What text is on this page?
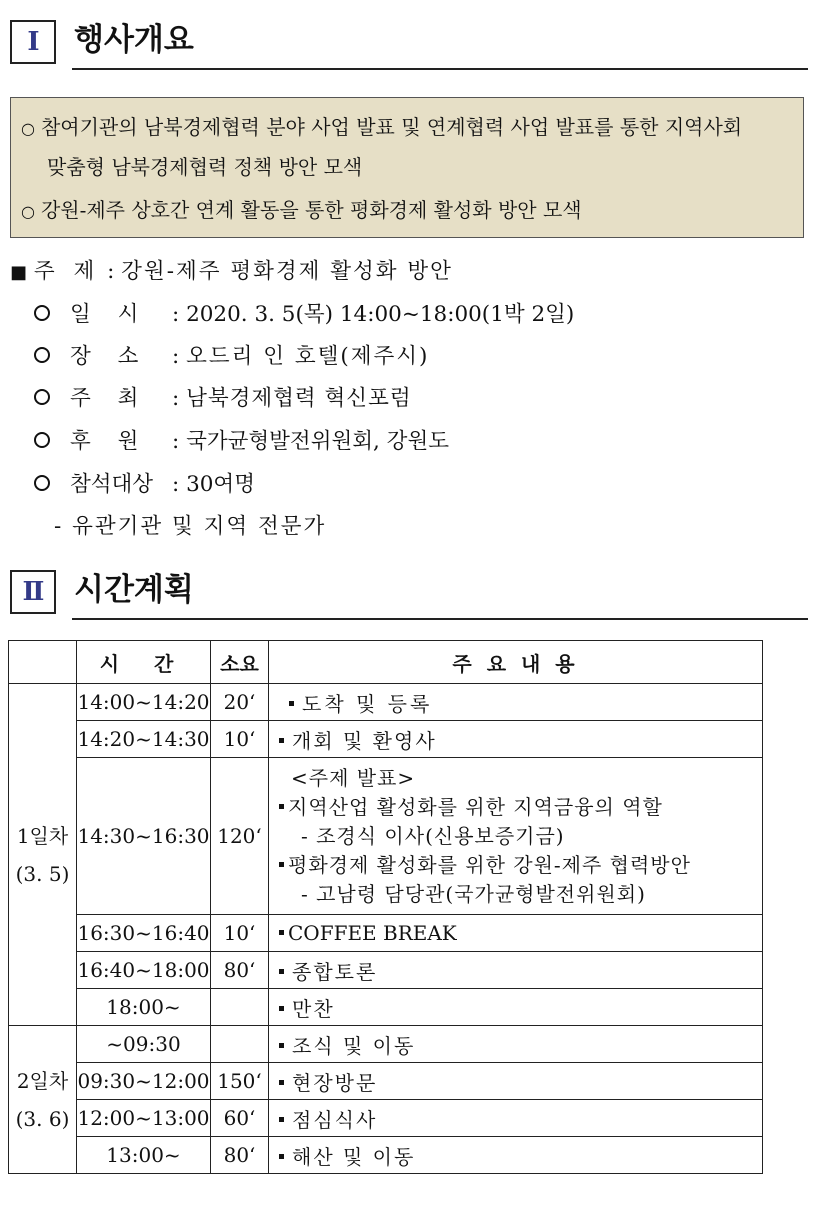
Ⅰ 행사개요
○ 참여기관의 남북경제협력 분야 사업 발표 및 연계협력 사업 발표를 통한 지역사회
맞춤형 남북경제협력 정책 방안 모색
○ 강원-제주 상호간 연계 활동을 통한 평화경제 활성화 방안 모색
■ 주 제 : 강원-제주 평화경제 활성화 방안
일 시 : 2020. 3. 5(목) 14:00~18:00(1박 2일)
장 소 : 오드리 인 호텔(제주시)
주 최 : 남북경제협력 혁신포럼
후 원 : 국가균형발전위원회, 강원도
참석대상 : 30여명
- 유관기관 및 지역 전문가
Ⅱ 시간계획
	시 간	소요	주 요 내 용

1일차
(3. 5)	14:00~14:20	20‘	도착 및 등록
	14:20~14:30	10‘	개회 및 환영사
	14:30~16:30	120‘	<주제 발표>
지역산업 활성화를 위한 지역금융의 역할
- 조경식 이사(신용보증기금)
평화경제 활성화를 위한 강원-제주 협력방안
- 고남령 담당관(국가균형발전위원회)

	16:30~16:40	10‘	COFFEE BREAK
	16:40~18:00	80‘	종합토론
	18:00~		만찬

2일차
(3. 6)	~09:30		조식 및 이동
	09:30~12:00	150‘	현장방문
	12:00~13:00	60‘	점심식사
	13:00~	80‘	해산 및 이동
